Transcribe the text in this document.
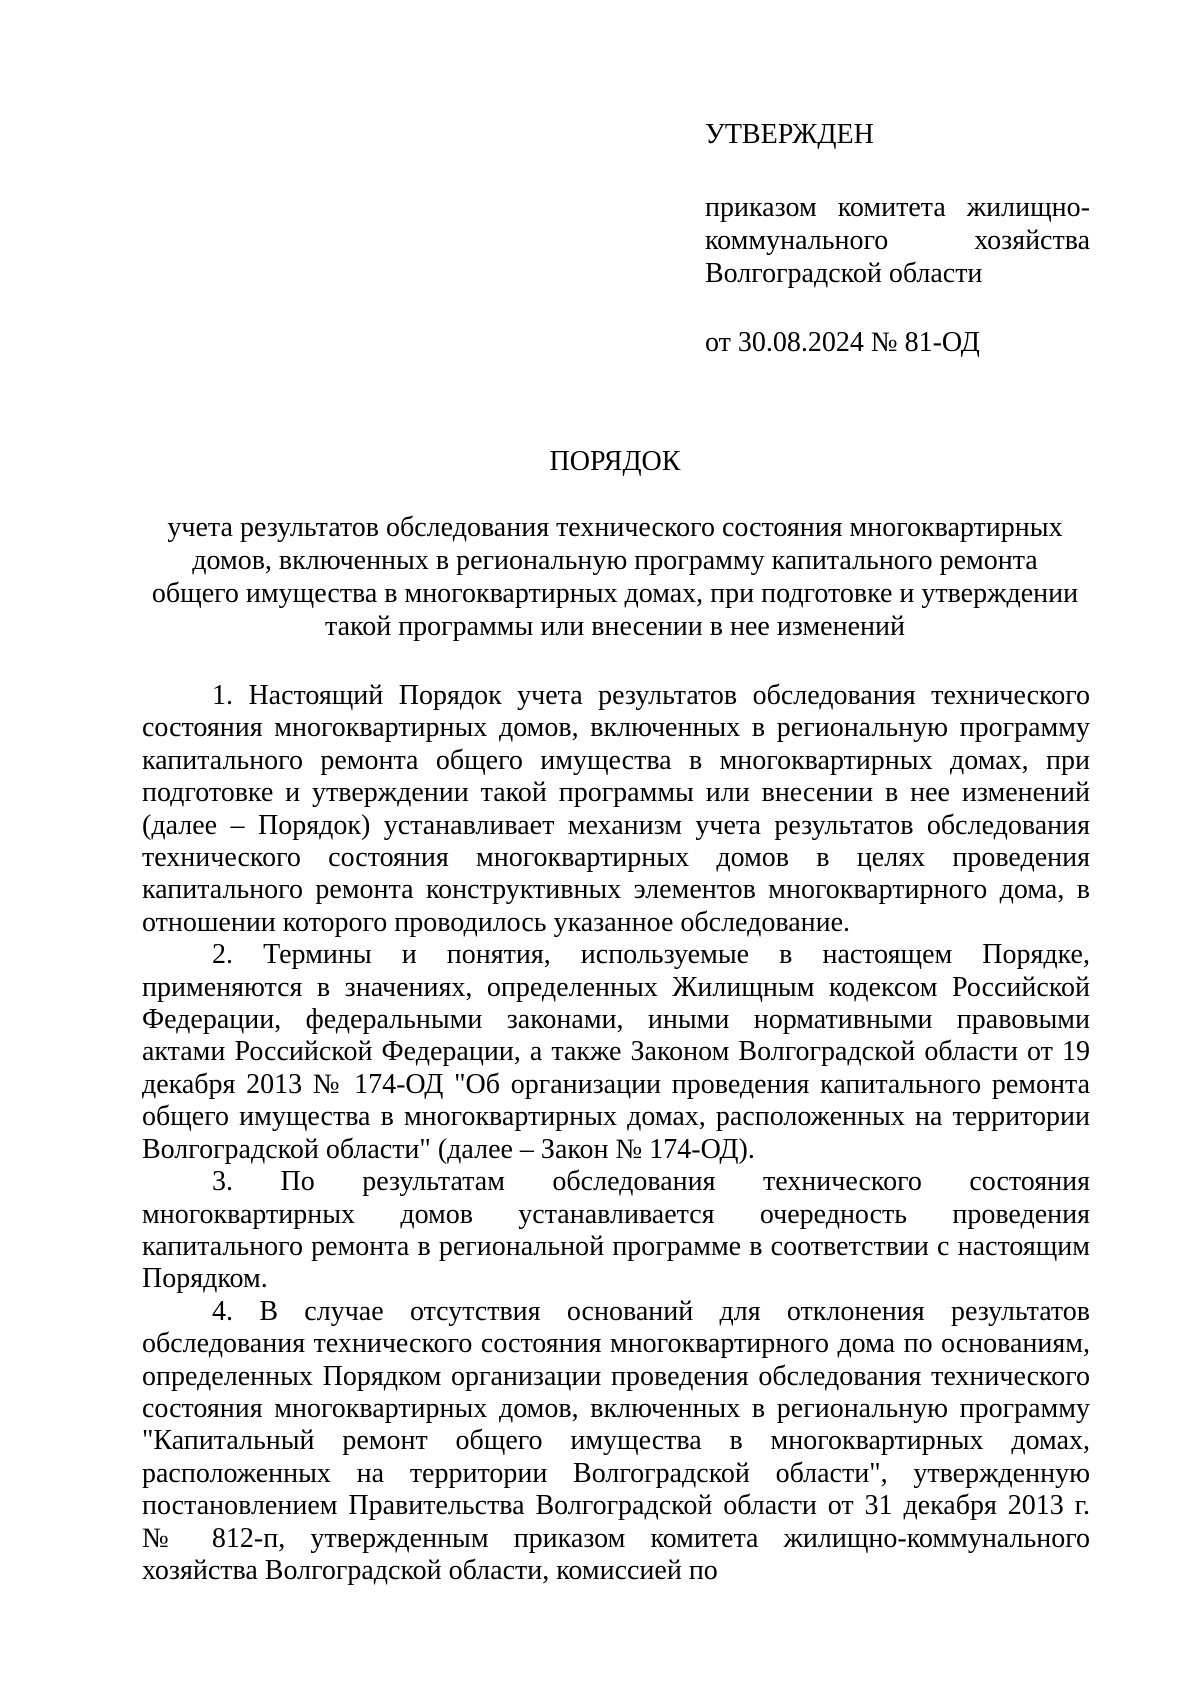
УТВЕРЖДЕН

приказом комитета жилищно-коммунального хозяйства Волгоградской области

от 30.08.2024 № 81-ОД

ПОРЯДОК

учета результатов обследования технического состояния многоквартирных домов, включенных в региональную программу капитального ремонта общего имущества в многоквартирных домах, при подготовке и утверждении такой программы или внесении в нее изменений

1. Настоящий Порядок учета результатов обследования технического состояния многоквартирных домов, включенных в региональную программу капитального ремонта общего имущества в многоквартирных домах, при подготовке и утверждении такой программы или внесении в нее изменений (далее – Порядок) устанавливает механизм учета результатов обследования технического состояния многоквартирных домов в целях проведения капитального ремонта конструктивных элементов многоквартирного дома, в отношении которого проводилось указанное обследование.

2. Термины и понятия, используемые в настоящем Порядке, применяются в значениях, определенных Жилищным кодексом Российской Федерации, федеральными законами, иными нормативными правовыми актами Российской Федерации, а также Законом Волгоградской области от 19 декабря 2013 № 174-ОД "Об организации проведения капитального ремонта общего имущества в многоквартирных домах, расположенных на территории Волгоградской области" (далее – Закон № 174-ОД).

3. По результатам обследования технического состояния многоквартирных домов устанавливается очередность проведения капитального ремонта в региональной программе в соответствии с настоящим Порядком.

4. В случае отсутствия оснований для отклонения результатов обследования технического состояния многоквартирного дома по основаниям, определенных Порядком организации проведения обследования технического состояния многоквартирных домов, включенных в региональную программу "Капитальный ремонт общего имущества в многоквартирных домах, расположенных на территории Волгоградской области", утвержденную постановлением Правительства Волгоградской области от 31 декабря 2013 г. № 812-п, утвержденным приказом комитета жилищно-коммунального хозяйства Волгоградской области, комиссией по
